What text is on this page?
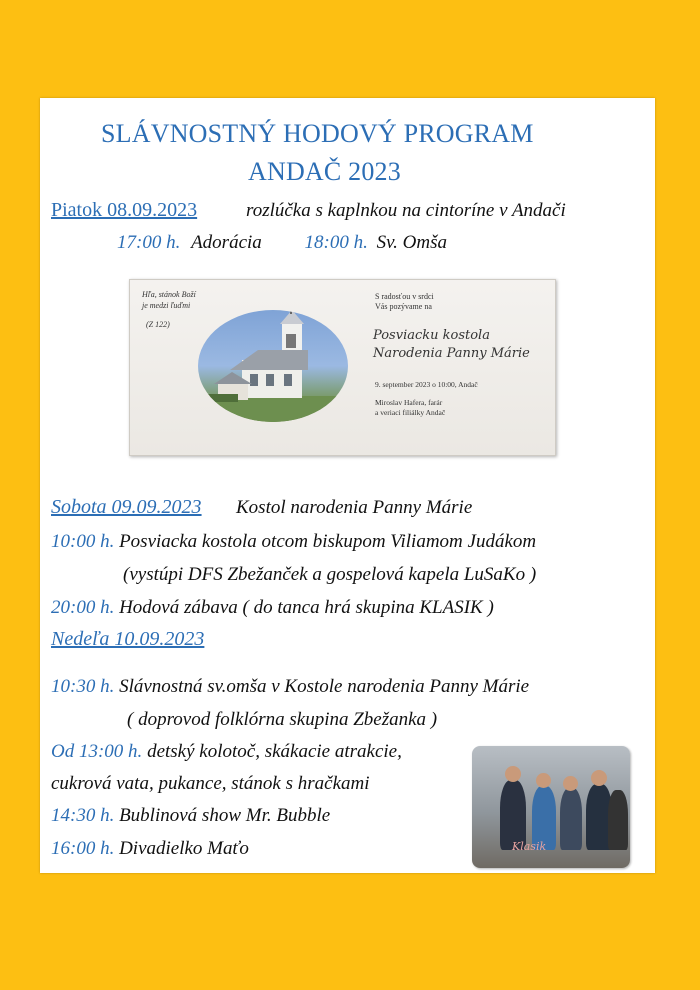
SLÁVNOSTNÝ HODOVÝ PROGRAM
ANDAČ 2023
Piatok 08.09.2023	rozlúčka s kaplnkou na cintoríne v Andači
17:00 h. Adorácia 18:00 h. Sv. Omša
Hľa, stánok Boží
je medzi ľuďmi
(Z 122)
S radosťou v srdci
Vás pozývame na
Posviacku kostola
Narodenia Panny Márie
9. september 2023 o 10:00, Andač
Miroslav Hafera, farár
a veriaci filiálky Andač
Sobota 09.09.2023 Kostol narodenia Panny Márie
10:00 h. Posviacka kostola otcom biskupom Viliamom Judákom
(vystúpi DFS Zbežanček a gospelová kapela LuSaKo )
20:00 h. Hodová zábava ( do tanca hrá skupina KLASIK )
Nedeľa 10.09.2023
10:30 h. Slávnostná sv.omša v Kostole narodenia Panny Márie
( doprovod folklórna skupina Zbežanka )
Od 13:00 h. detský kolotoč, skákacie atrakcie,
cukrová vata, pukance, stánok s hračkami
14:30 h. Bublinová show Mr. Bubble
16:00 h. Divadielko Maťo	Klasik
